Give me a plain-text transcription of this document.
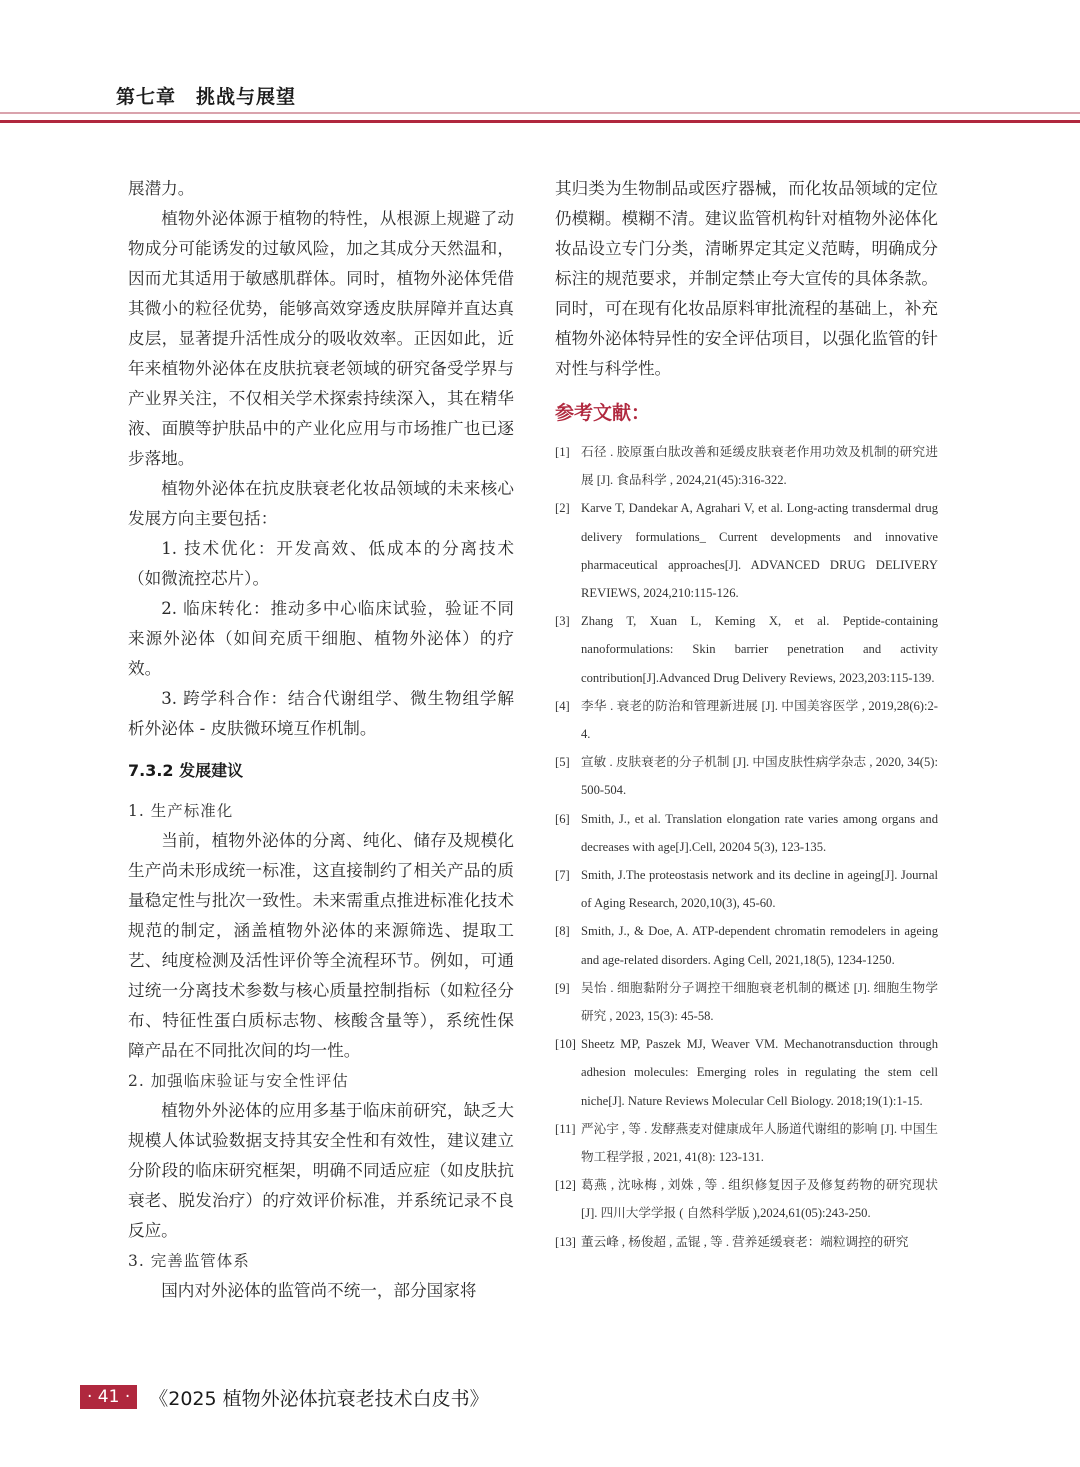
第七章　挑战与展望

展潜力。

植物外泌体源于植物的特性，从根源上规避了动物成分可能诱发的过敏风险，加之其成分天然温和，因而尤其适用于敏感肌群体。同时，植物外泌体凭借其微小的粒径优势，能够高效穿透皮肤屏障并直达真皮层，显著提升活性成分的吸收效率。正因如此，近年来植物外泌体在皮肤抗衰老领域的研究备受学界与产业界关注，不仅相关学术探索持续深入，其在精华液、面膜等护肤品中的产业化应用与市场推广也已逐步落地。

植物外泌体在抗皮肤衰老化妆品领域的未来核心发展方向主要包括：

1. 技术优化：开发高效、低成本的分离技术（如微流控芯片）。

2. 临床转化：推动多中心临床试验，验证不同来源外泌体（如间充质干细胞、植物外泌体）的疗效。

3. 跨学科合作：结合代谢组学、微生物组学解析外泌体 - 皮肤微环境互作机制。

7.3.2 发展建议
1. 生产标准化

当前，植物外泌体的分离、纯化、储存及规模化生产尚未形成统一标准，这直接制约了相关产品的质量稳定性与批次一致性。未来需重点推进标准化技术规范的制定，涵盖植物外泌体的来源筛选、提取工艺、纯度检测及活性评价等全流程环节。例如，可通过统一分离技术参数与核心质量控制指标（如粒径分布、特征性蛋白质标志物、核酸含量等），系统性保障产品在不同批次间的均一性。

2. 加强临床验证与安全性评估

植物外外泌体的应用多基于临床前研究，缺乏大规模人体试验数据支持其安全性和有效性，建议建立分阶段的临床研究框架，明确不同适应症（如皮肤抗衰老、脱发治疗）的疗效评价标准，并系统记录不良反应。

3. 完善监管体系

国内对外泌体的监管尚不统一，部分国家将

其归类为生物制品或医疗器械，而化妆品领域的定位仍模糊。模糊不清。建议监管机构针对植物外泌体化妆品设立专门分类，清晰界定其定义范畴，明确成分标注的规范要求，并制定禁止夸大宣传的具体条款。同时，可在现有化妆品原料审批流程的基础上，补充植物外泌体特异性的安全评估项目，以强化监管的针对性与科学性。

参考文献：
[1] 石径 . 胶原蛋白肽改善和延缓皮肤衰老作用功效及机制的研究进展 [J]. 食品科学 , 2024,21(45):316-322.
[2] Karve T, Dandekar A, Agrahari V, et al. Long-acting transdermal drug delivery formulations_ Current developments and innovative pharmaceutical approaches[J]. ADVANCED DRUG DELIVERY REVIEWS, 2024,210:115-126.
[3] Zhang T, Xuan L, Keming X, et al. Peptide-containing nanoformulations: Skin barrier penetration and activity contribution[J].Advanced Drug Delivery Reviews, 2023,203:115-139.
[4] 李华 . 衰老的防治和管理新进展 [J]. 中国美容医学 , 2019,28(6):2-4.
[5] 宣敏 . 皮肤衰老的分子机制 [J]. 中国皮肤性病学杂志 , 2020, 34(5): 500-504.
[6] Smith, J., et al. Translation elongation rate varies among organs and decreases with age[J].Cell, 20204 5(3), 123-135.
[7] Smith, J.The proteostasis network and its decline in ageing[J]. Journal of Aging Research, 2020,10(3), 45-60.
[8] Smith, J., & Doe, A. ATP-dependent chromatin remodelers in ageing and age-related disorders. Aging Cell, 2021,18(5), 1234-1250.
[9] 吴怡 . 细胞黏附分子调控干细胞衰老机制的概述 [J]. 细胞生物学研究 , 2023, 15(3): 45-58.
[10] Sheetz MP, Paszek MJ, Weaver VM. Mechanotransduction through adhesion molecules: Emerging roles in regulating the stem cell niche[J]. Nature Reviews Molecular Cell Biology. 2018;19(1):1-15.
[11] 严沁宇 , 等 . 发酵燕麦对健康成年人肠道代谢组的影响 [J]. 中国生物工程学报 , 2021, 41(8): 123-131.
[12] 葛燕 , 沈咏梅 , 刘姝 , 等 . 组织修复因子及修复药物的研究现状 [J]. 四川大学学报 ( 自然科学版 ),2024,61(05):243-250.
[13] 董云峰 , 杨俊超 , 孟锟 , 等 . 营养延缓衰老：端粒调控的研究
· 41 ·	《2025 植物外泌体抗衰老技术白皮书》
